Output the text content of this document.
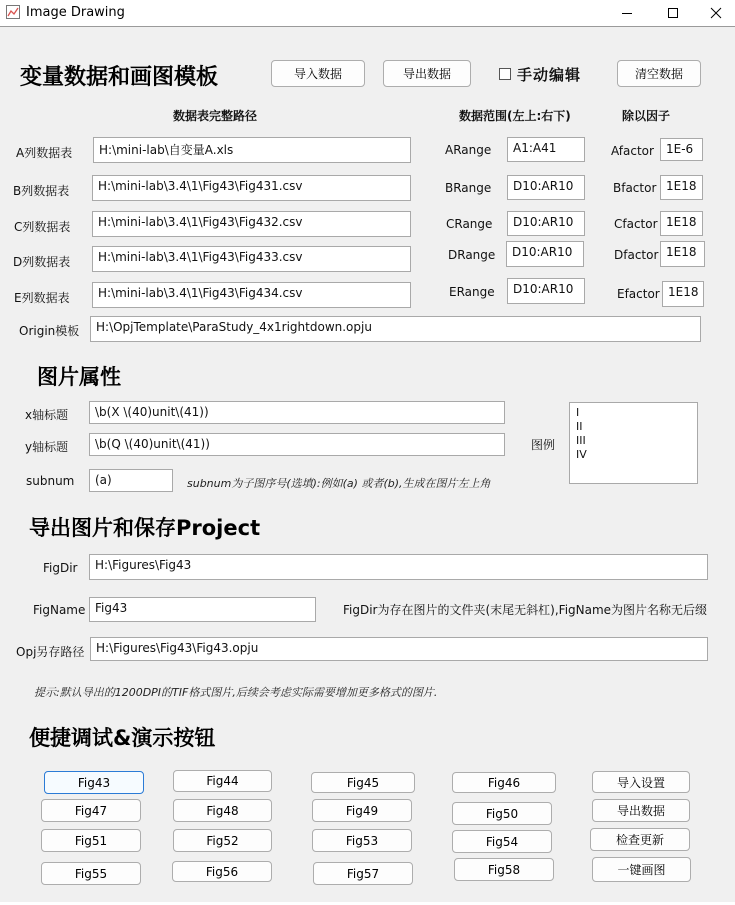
Image Drawing
变量数据和画图模板	导入数据	导出数据	手动编辑	清空数据
数据表完整路径	数据范围(左上:右下)	除以因子
A列数据表	H:\mini-lab\自变量A.xls	ARange	A1:A41	Afactor	1E-6
B列数据表	H:\mini-lab\3.4\1\Fig43\Fig431.csv	BRange	D10:AR10	Bfactor 1E18
C列数据表	H:\mini-lab\3.4\1\Fig43\Fig432.csv	CRange	D10:AR10	Cfactor 1E18
D列数据表	H:\mini-lab\3.4\1\Fig43\Fig433.csv	DRange	D10:AR10	Dfactor 1E18
E列数据表	H:\mini-lab\3.4\1\Fig43\Fig434.csv	ERange	D10:AR10	Efactor 1E18
Origin模板	H:\OpjTemplate\ParaStudy_4x1rightdown.opju
图片属性
x轴标题	\b(X \(40)unit\(41))
y轴标题	\b(Q \(40)unit\(41))	图例
I
II
III
IV
subnum	(a)	subnum为子图序号(选填):例如(a) 或者(b),生成在图片左上角
导出图片和保存Project
FigDir	H:\Figures\Fig43
FigName Fig43	FigDir为存在图片的文件夹(末尾无斜杠),FigName为图片名称无后缀
Opj另存路径 H:\Figures\Fig43\Fig43.opju
提示:默认导出的1200DPI的TIF格式图片,后续会考虑实际需要增加更多格式的图片.
便捷调试&演示按钮
Fig43	Fig44	Fig45	Fig46	导入设置
Fig47	Fig48	Fig49	Fig50	导出数据
Fig51	Fig52	Fig53	Fig54	检查更新
Fig55	Fig56	Fig57	Fig58	一键画图
